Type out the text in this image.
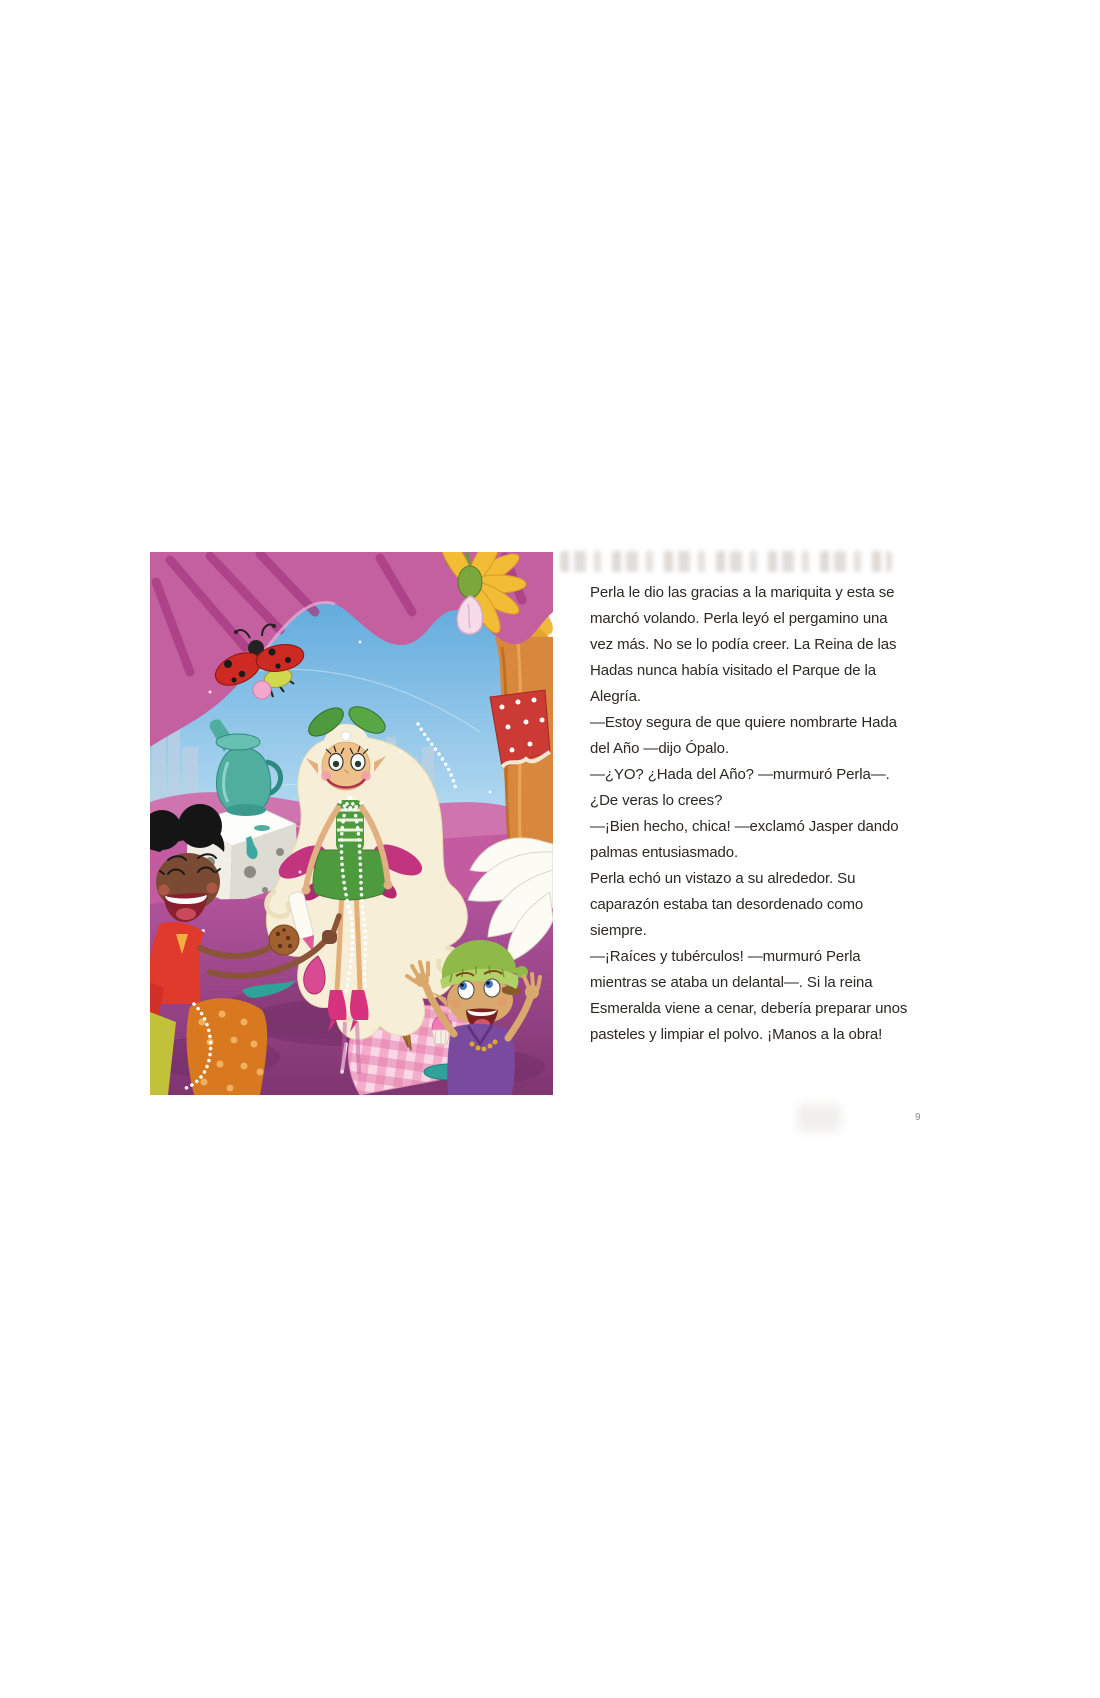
Perla le dio las gracias a la mariquita y esta se
marchó volando. Perla leyó el pergamino una
vez más. No se lo podía creer. La Reina de las
Hadas nunca había visitado el Parque de la
Alegría.
—Estoy segura de que quiere nombrarte Hada
del Año —dijo Ópalo.
—¿YO? ¿Hada del Año? —murmuró Perla—.
¿De veras lo crees?
—¡Bien hecho, chica! —exclamó Jasper dando
palmas entusiasmado.
Perla echó un vistazo a su alrededor. Su
caparazón estaba tan desordenado como
siempre.
—¡Raíces y tubérculos! —murmuró Perla
mientras se ataba un delantal—. Si la reina
Esmeralda viene a cenar, debería preparar unos
pasteles y limpiar el polvo. ¡Manos a la obra!
9
